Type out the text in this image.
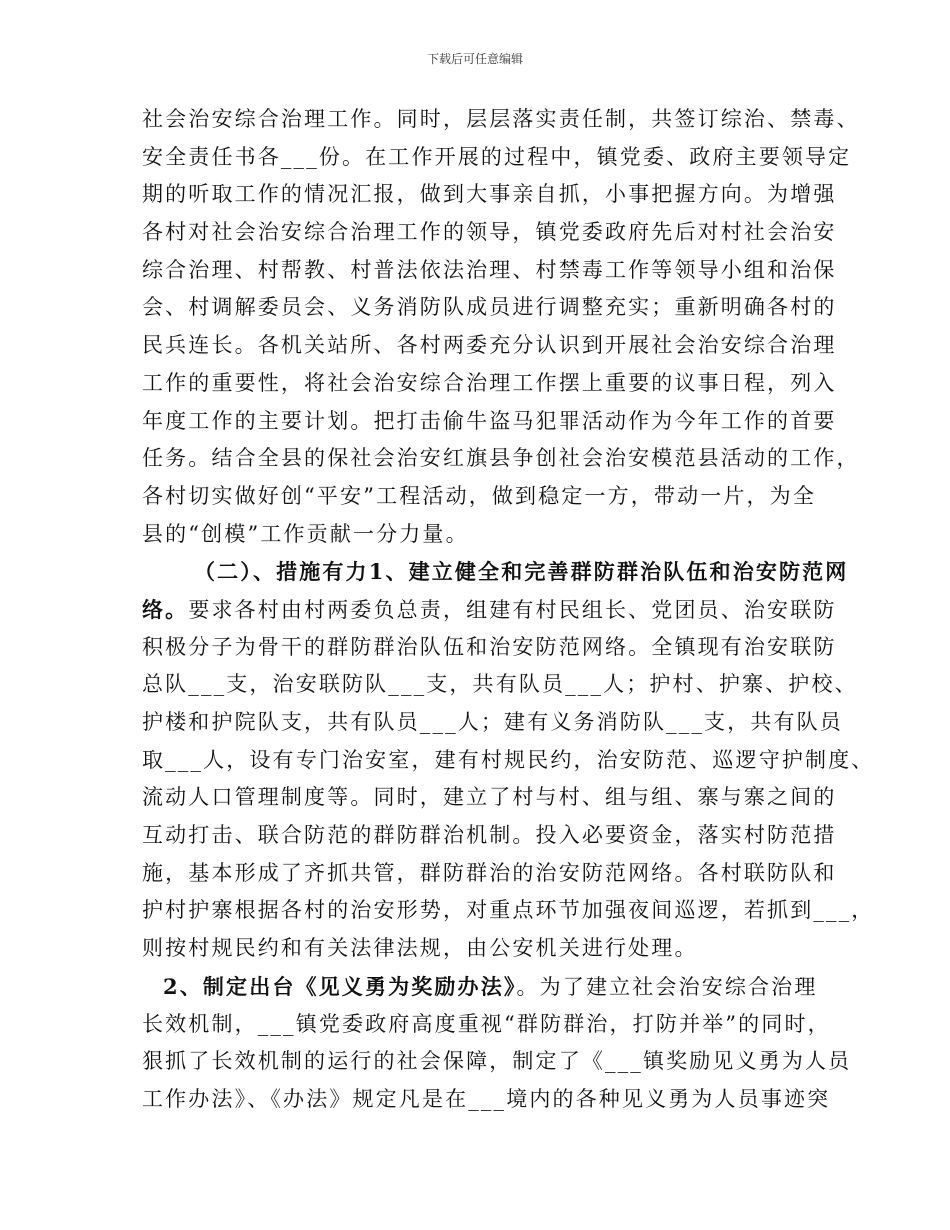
下载后可任意编辑
社会治安综合治理工作。同时，层层落实责任制，共签订综治、禁毒、
安全责任书各___份。在工作开展的过程中，镇党委、政府主要领导定
期的听取工作的情况汇报，做到大事亲自抓，小事把握方向。为增强
各村对社会治安综合治理工作的领导，镇党委政府先后对村社会治安
综合治理、村帮教、村普法依法治理、村禁毒工作等领导小组和治保
会、村调解委员会、义务消防队成员进行调整充实；重新明确各村的
民兵连长。各机关站所、各村两委充分认识到开展社会治安综合治理
工作的重要性，将社会治安综合治理工作摆上重要的议事日程，列入
年度工作的主要计划。把打击偷牛盗马犯罪活动作为今年工作的首要
任务。结合全县的保社会治安红旗县争创社会治安模范县活动的工作，
各村切实做好创“平安”工程活动，做到稳定一方，带动一片，为全
县的“创模”工作贡献一分力量。
（二）、措施有力1、建立健全和完善群防群治队伍和治安防范网
络。要求各村由村两委负总责，组建有村民组长、党团员、治安联防
积极分子为骨干的群防群治队伍和治安防范网络。全镇现有治安联防
总队___支，治安联防队___支，共有队员___人；护村、护寨、护校、
护楼和护院队支，共有队员___人；建有义务消防队___支，共有队员
取___人，设有专门治安室，建有村规民约，治安防范、巡逻守护制度、
流动人口管理制度等。同时，建立了村与村、组与组、寨与寨之间的
互动打击、联合防范的群防群治机制。投入必要资金，落实村防范措
施，基本形成了齐抓共管，群防群治的治安防范网络。各村联防队和
护村护寨根据各村的治安形势，对重点环节加强夜间巡逻，若抓到___，
则按村规民约和有关法律法规，由公安机关进行处理。
2、制定出台《见义勇为奖励办法》。为了建立社会治安综合治理
长效机制，___镇党委政府高度重视“群防群治，打防并举”的同时，
狠抓了长效机制的运行的社会保障，制定了《___镇奖励见义勇为人员
工作办法》、《办法》规定凡是在___境内的各种见义勇为人员事迹突
